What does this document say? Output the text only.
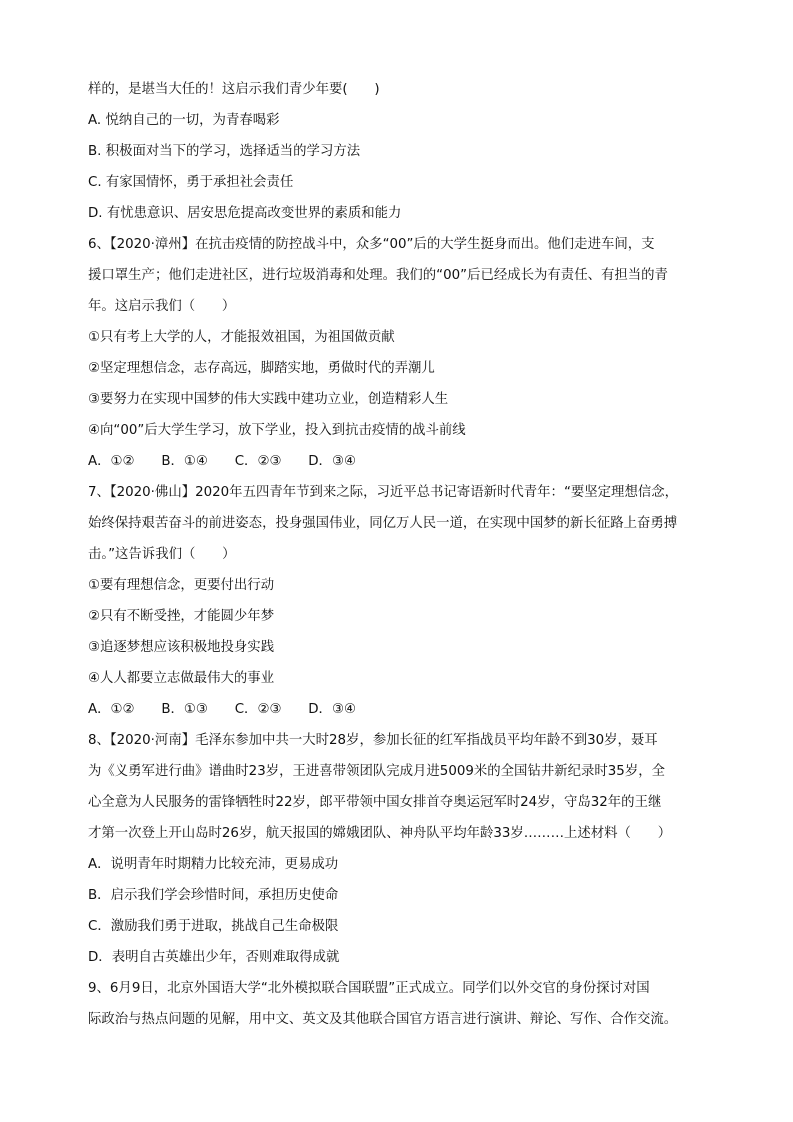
样的，是堪当大任的！这启示我们青少年要(　　)
A. 悦纳自己的一切，为青春喝彩
B. 积极面对当下的学习，选择适当的学习方法
C. 有家国情怀，勇于承担社会责任
D. 有忧患意识、居安思危提高改变世界的素质和能力
6、【2020·漳州】在抗击疫情的防控战斗中，众多“00”后的大学生挺身而出。他们走进车间，支
援口罩生产；他们走进社区，进行垃圾消毒和处理。我们的“00”后已经成长为有责任、有担当的青
年。这启示我们（　　）
①只有考上大学的人，才能报效祖国，为祖国做贡献
②坚定理想信念，志存高远，脚踏实地，勇做时代的弄潮儿
③要努力在实现中国梦的伟大实践中建功立业，创造精彩人生
④向“00”后大学生学习，放下学业，投入到抗击疫情的战斗前线
A．①②　　B．①④　　C．②③　　D．③④
7、【2020·佛山】2020年五四青年节到来之际，习近平总书记寄语新时代青年：“要坚定理想信念，
始终保持艰苦奋斗的前进姿态，投身强国伟业，同亿万人民一道，在实现中国梦的新长征路上奋勇搏
击。”这告诉我们（　　）
①要有理想信念，更要付出行动
②只有不断受挫，才能圆少年梦
③追逐梦想应该积极地投身实践
④人人都要立志做最伟大的事业
A．①②　　B．①③　　C．②③　　D．③④
8、【2020·河南】毛泽东参加中共一大时28岁，参加长征的红军指战员平均年龄不到30岁，聂耳
为《义勇军进行曲》谱曲时23岁，王进喜带领团队完成月进5009米的全国钻井新纪录时35岁，全
心全意为人民服务的雷锋牺牲时22岁，郎平带领中国女排首夺奥运冠军时24岁，守岛32年的王继
才第一次登上开山岛时26岁，航天报国的嫦娥团队、神舟队平均年龄33岁………上述材料（　　）
A．说明青年时期精力比较充沛，更易成功
B．启示我们学会珍惜时间，承担历史使命
C．激励我们勇于进取，挑战自己生命极限
D．表明自古英雄出少年，否则难取得成就
9、6月9日，北京外国语大学“北外模拟联合国联盟”正式成立。同学们以外交官的身份探讨对国
际政治与热点问题的见解，用中文、英文及其他联合国官方语言进行演讲、辩论、写作、合作交流。
